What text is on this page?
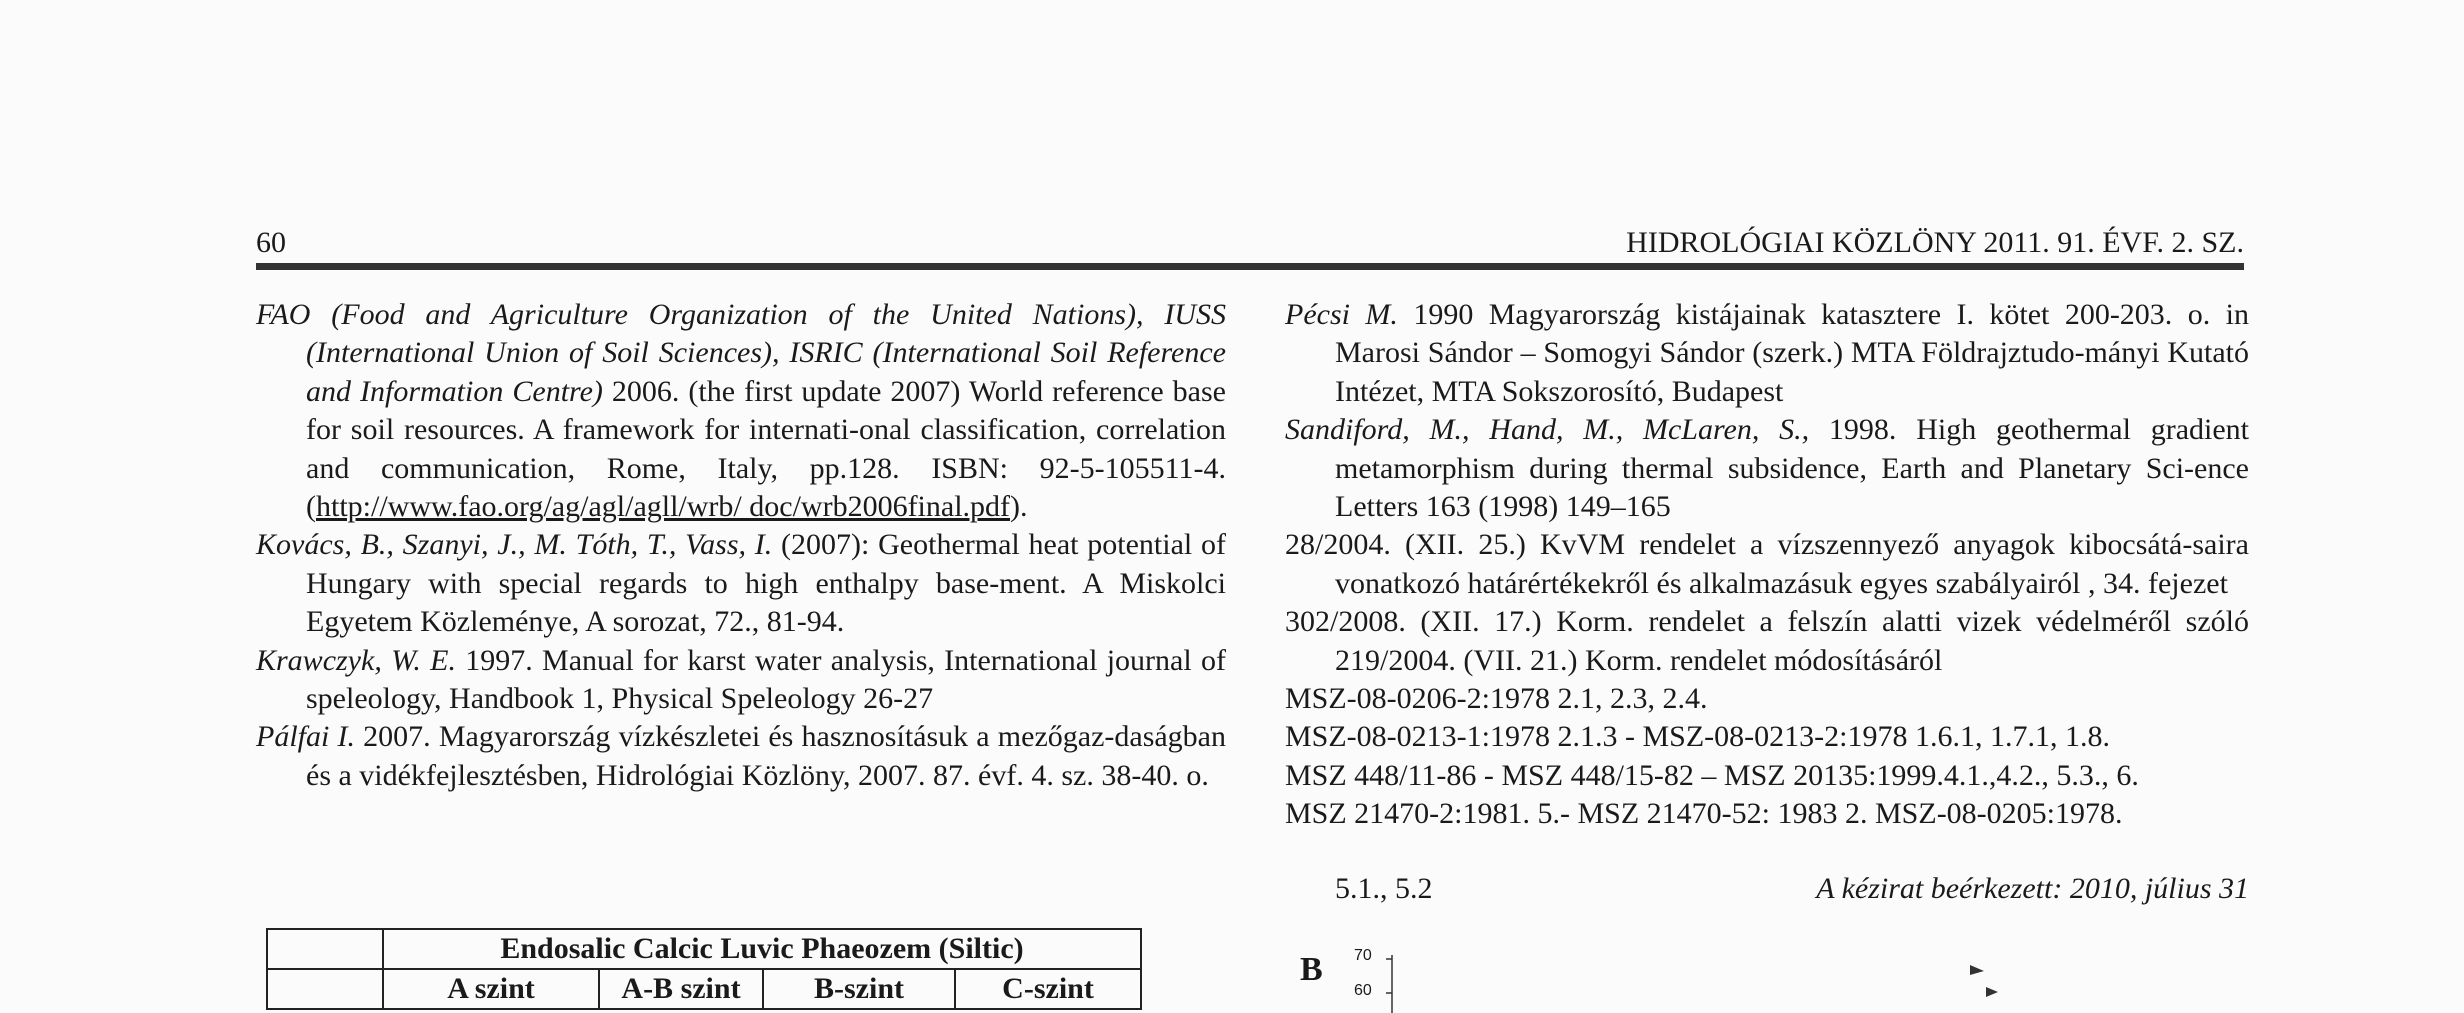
60	HIDROLÓGIAI KÖZLÖNY 2011. 91. ÉVF. 2. SZ.

FAO (Food and Agriculture Organization of the United Nations), IUSS (International Union of Soil Sciences), ISRIC (International Soil Reference and Information Centre) 2006. (the first update 2007) World reference base for soil resources. A framework for internati-onal classification, correlation and communication, Rome, Italy, pp.128. ISBN: 92-5-105511-4. (http://www.fao.org/ag/agl/agll/wrb/ doc/wrb2006final.pdf).

Kovács, B., Szanyi, J., M. Tóth, T., Vass, I. (2007): Geothermal heat potential of Hungary with special regards to high enthalpy base-ment. A Miskolci Egyetem Közleménye, A sorozat, 72., 81-94.

Krawczyk, W. E. 1997. Manual for karst water analysis, International journal of speleology, Handbook 1, Physical Speleology 26-27

Pálfai I. 2007. Magyarország vízkészletei és hasznosításuk a mezőgaz-daságban és a vidékfejlesztésben, Hidrológiai Közlöny, 2007. 87. évf. 4. sz. 38-40. o.

Pécsi M. 1990 Magyarország kistájainak katasztere I. kötet 200-203. o. in Marosi Sándor – Somogyi Sándor (szerk.) MTA Földrajztudo-mányi Kutató Intézet, MTA Sokszorosító, Budapest

Sandiford, M., Hand, M., McLaren, S., 1998. High geothermal gradient metamorphism during thermal subsidence, Earth and Planetary Sci-ence Letters 163 (1998) 149–165

28/2004. (XII. 25.) KvVM rendelet a vízszennyező anyagok kibocsátá-saira vonatkozó határértékekről és alkalmazásuk egyes szabályairól , 34. fejezet

302/2008. (XII. 17.) Korm. rendelet a felszín alatti vizek védelméről szóló 219/2004. (VII. 21.) Korm. rendelet módosításáról

MSZ-08-0206-2:1978 2.1, 2.3, 2.4.

MSZ-08-0213-1:1978 2.1.3 - MSZ-08-0213-2:1978 1.6.1, 1.7.1, 1.8.

MSZ 448/11-86 - MSZ 448/15-82 – MSZ 20135:1999.4.1.,4.2., 5.3., 6.

MSZ 21470-2:1981. 5.- MSZ 21470-52: 1983 2. MSZ-08-0205:1978.

5.1., 5.2	A kézirat beérkezett: 2010, július 31
	Endosalic Calcic Luvic Phaeozem (Siltic)			
	A szint	A-B szint	B-szint	C-szint
B 70
60
